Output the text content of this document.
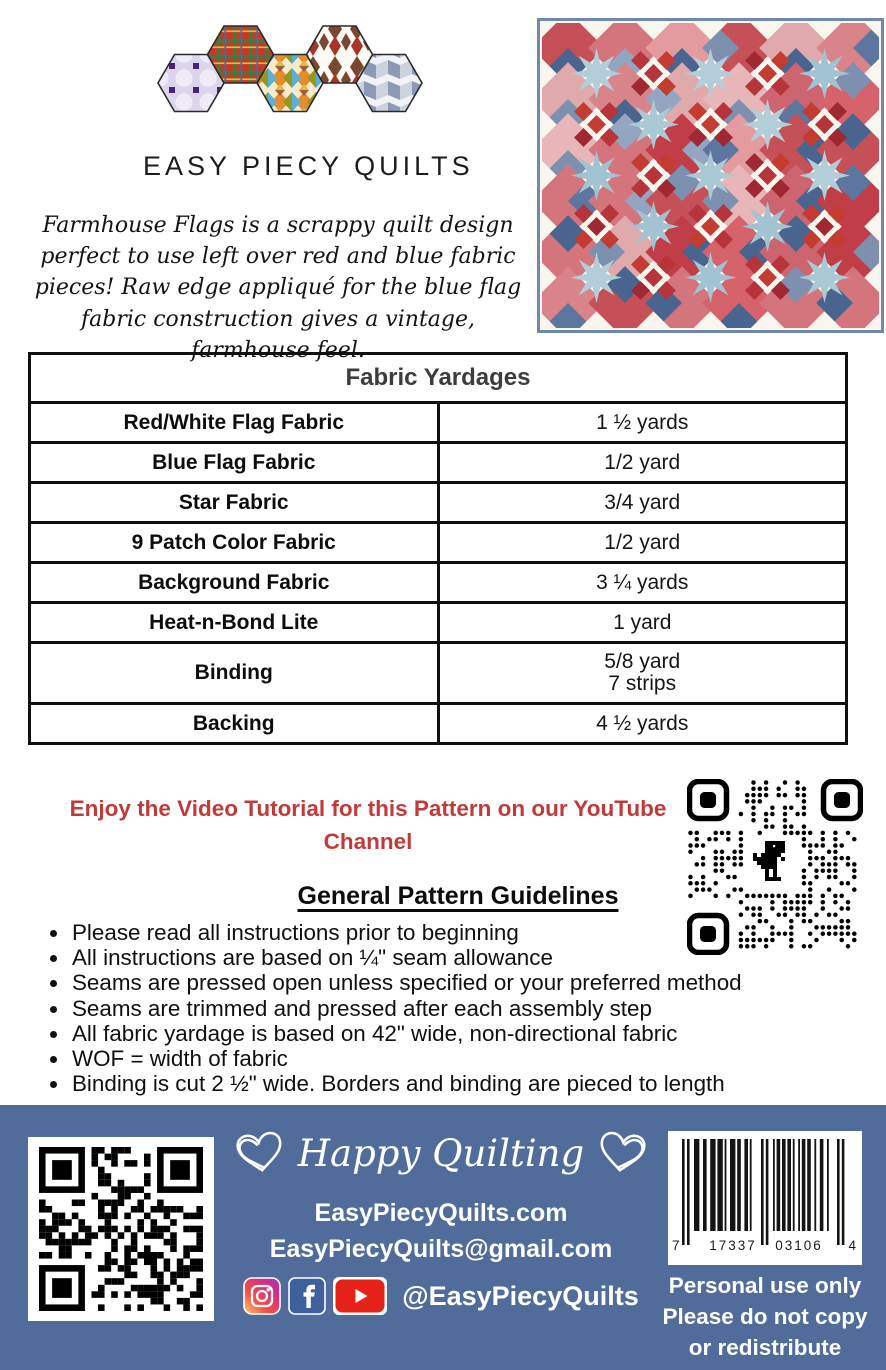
EASY PIECY QUILTS
Farmhouse Flags is a scrappy quilt design perfect to use left over red and blue fabric pieces! Raw edge appliqué for the blue flag fabric construction gives a vintage, farmhouse feel.
Fabric Yardages	
Red/White Flag Fabric	1 ½ yards
Blue Flag Fabric	1/2 yard
Star Fabric	3/4 yard
9 Patch Color Fabric	1/2 yard
Background Fabric	3 ¼ yards
Heat-n-Bond Lite	1 yard
Binding	5/8 yard
7 strips

Backing	4 ½ yards
Enjoy the Video Tutorial for this Pattern on our YouTube Channel
General Pattern Guidelines
• Please read all instructions prior to beginning
• All instructions are based on ¼" seam allowance
• Seams are pressed open unless specified or your preferred method
• Seams are trimmed and pressed after each assembly step
• All fabric yardage is based on 42" wide, non-directional fabric
• WOF = width of fabric
• Binding is cut 2 ½" wide. Borders and binding are pieced to length
Happy Quilting
EasyPiecyQuilts.com
EasyPiecyQuilts@gmail.com
@EasyPiecyQuilts
7	17337	03106	4
Personal use only
Please do not copy
or redistribute
